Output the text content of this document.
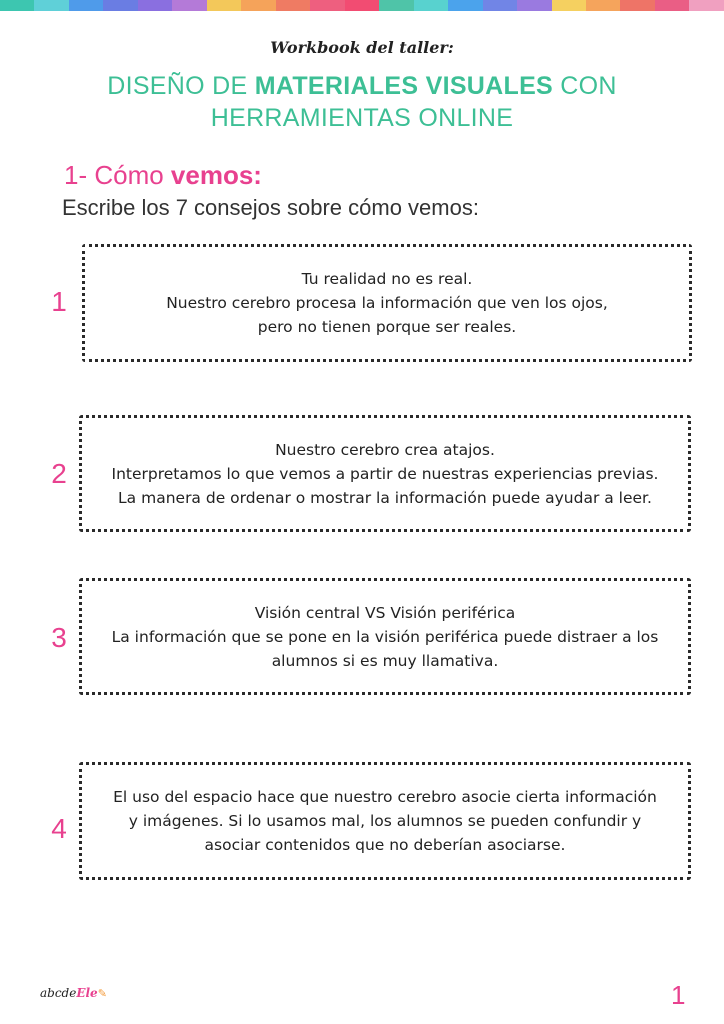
Workbook del taller:
DISEÑO DE MATERIALES VISUALES CON HERRAMIENTAS ONLINE
1- Cómo vemos:
Escribe los 7 consejos sobre cómo vemos:
1
Tu realidad no es real.
Nuestro cerebro procesa la información que ven los ojos,
pero no tienen porque ser reales.
2
Nuestro cerebro crea atajos.
Interpretamos lo que vemos a partir de nuestras experiencias previas.
La manera de ordenar o mostrar la información puede ayudar a leer.
3
Visión central VS Visión periférica
La información que se pone en la visión periférica puede distraer a los
alumnos si es muy llamativa.
4
El uso del espacio hace que nuestro cerebro asocie cierta información
y imágenes. Si lo usamos mal, los alumnos se pueden confundir y
asociar contenidos que no deberían asociarse.
abcdeEle✎	1
